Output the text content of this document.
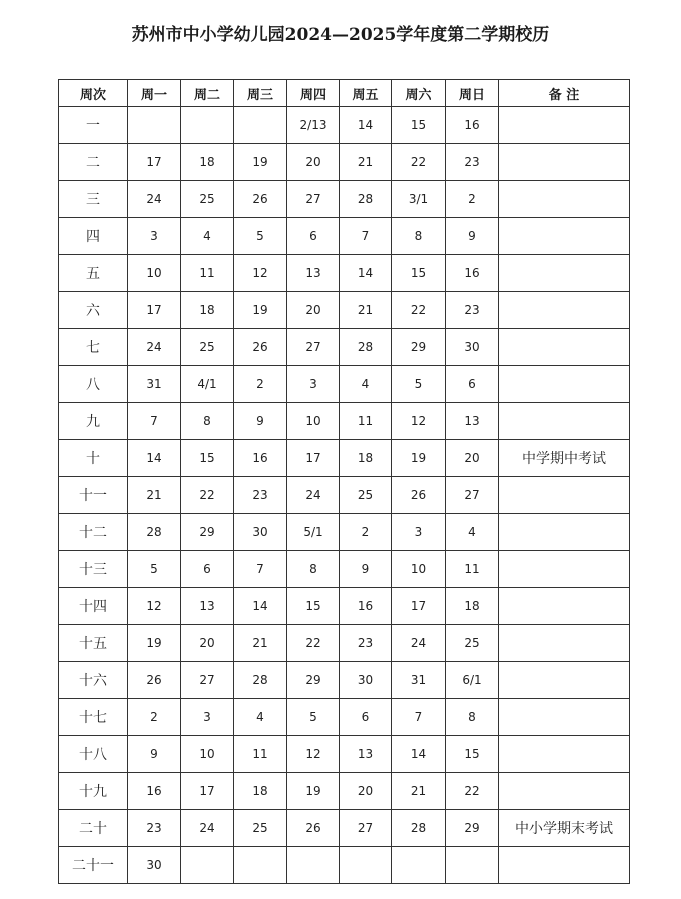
苏州市中小学幼儿园2024—2025学年度第二学期校历
周次	周一	周二	周三	周四	周五	周六	周日	备 注
一				2/13	14	15	16	
二	17	18	19	20	21	22	23	
三	24	25	26	27	28	3/1	2	
四	3	4	5	6	7	8	9	
五	10	11	12	13	14	15	16	
六	17	18	19	20	21	22	23	
七	24	25	26	27	28	29	30	
八	31	4/1	2	3	4	5	6	
九	7	8	9	10	11	12	13	
十	14	15	16	17	18	19	20	中学期中考试
十一	21	22	23	24	25	26	27	
十二	28	29	30	5/1	2	3	4	
十三	5	6	7	8	9	10	11	
十四	12	13	14	15	16	17	18	
十五	19	20	21	22	23	24	25	
十六	26	27	28	29	30	31	6/1	
十七	2	3	4	5	6	7	8	
十八	9	10	11	12	13	14	15	
十九	16	17	18	19	20	21	22	
二十	23	24	25	26	27	28	29	中小学期末考试
二十一	30							
